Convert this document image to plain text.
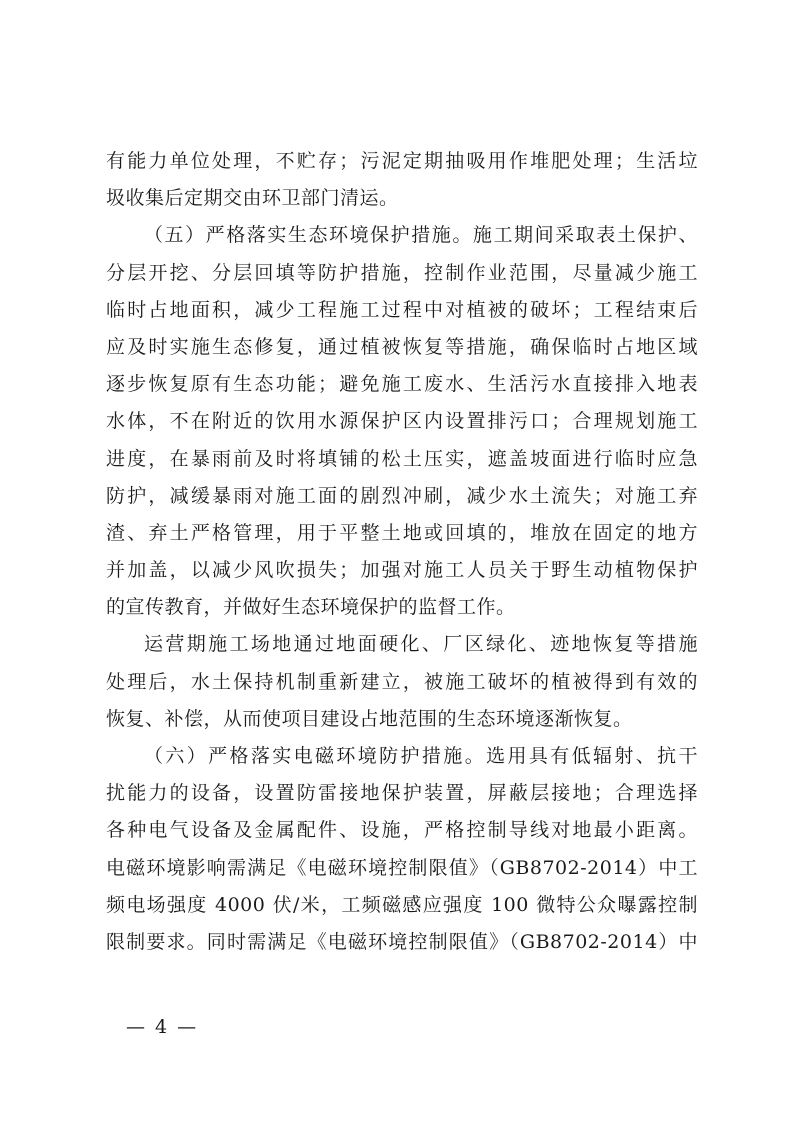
有能力单位处理，不贮存；污泥定期抽吸用作堆肥处理；生活垃
圾收集后定期交由环卫部门清运。
（五）严格落实生态环境保护措施。施工期间采取表土保护、
分层开挖、分层回填等防护措施，控制作业范围，尽量减少施工
临时占地面积，减少工程施工过程中对植被的破坏；工程结束后
应及时实施生态修复，通过植被恢复等措施，确保临时占地区域
逐步恢复原有生态功能；避免施工废水、生活污水直接排入地表
水体，不在附近的饮用水源保护区内设置排污口；合理规划施工
进度，在暴雨前及时将填铺的松土压实，遮盖坡面进行临时应急
防护，减缓暴雨对施工面的剧烈冲刷，减少水土流失；对施工弃
渣、弃土严格管理，用于平整土地或回填的，堆放在固定的地方
并加盖，以减少风吹损失；加强对施工人员关于野生动植物保护
的宣传教育，并做好生态环境保护的监督工作。
运营期施工场地通过地面硬化、厂区绿化、迹地恢复等措施
处理后，水土保持机制重新建立，被施工破坏的植被得到有效的
恢复、补偿，从而使项目建设占地范围的生态环境逐渐恢复。
（六）严格落实电磁环境防护措施。选用具有低辐射、抗干
扰能力的设备，设置防雷接地保护装置，屏蔽层接地；合理选择
各种电气设备及金属配件、设施，严格控制导线对地最小距离。
电磁环境影响需满足《电磁环境控制限值》（GB8702-2014）中工
频电场强度 4000 伏/米，工频磁感应强度 100 微特公众曝露控制
限制要求。同时需满足《电磁环境控制限值》（GB8702-2014）中
— 4 —
